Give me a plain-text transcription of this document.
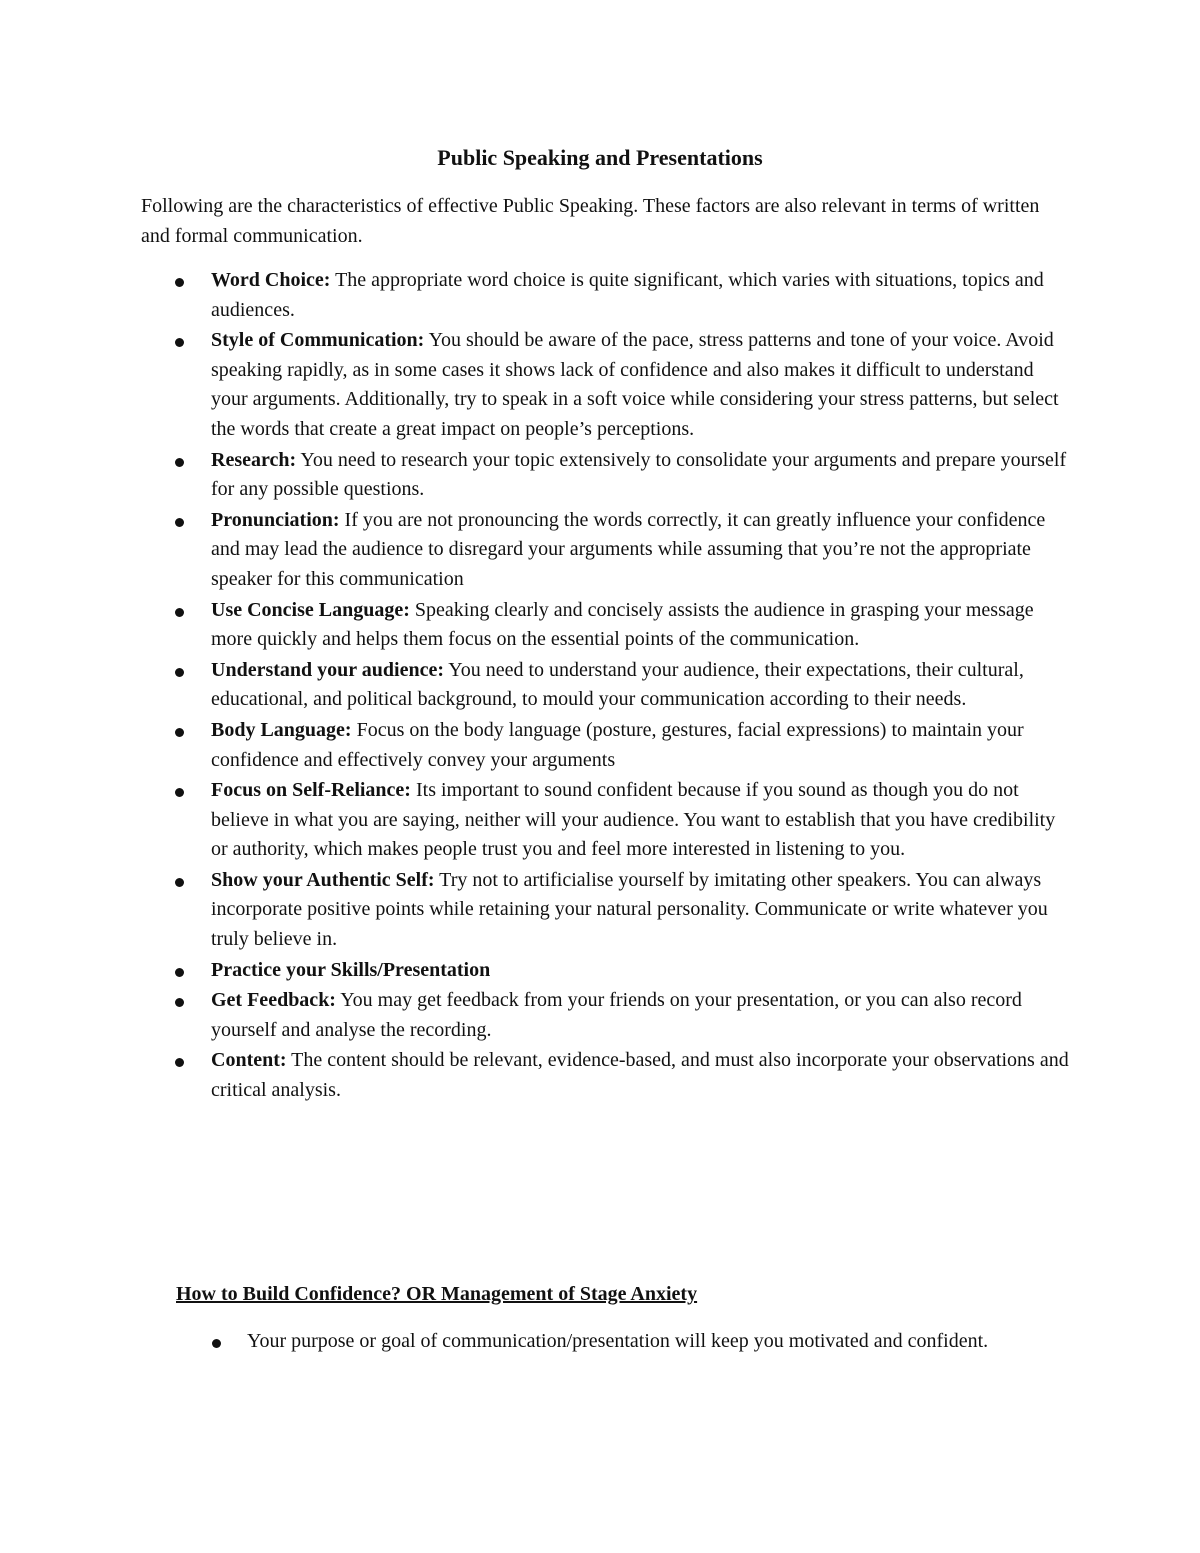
Public Speaking and Presentations

Following are the characteristics of effective Public Speaking. These factors are also relevant in terms of written and formal communication.

Word Choice: The appropriate word choice is quite significant, which varies with situations, topics and audiences.
Style of Communication: You should be aware of the pace, stress patterns and tone of your voice. Avoid speaking rapidly, as in some cases it shows lack of confidence and also makes it difficult to understand your arguments. Additionally, try to speak in a soft voice while considering your stress patterns, but select the words that create a great impact on people’s perceptions.
Research: You need to research your topic extensively to consolidate your arguments and prepare yourself for any possible questions.
Pronunciation: If you are not pronouncing the words correctly, it can greatly influence your confidence and may lead the audience to disregard your arguments while assuming that you’re not the appropriate speaker for this communication
Use Concise Language: Speaking clearly and concisely assists the audience in grasping your message more quickly and helps them focus on the essential points of the communication.
Understand your audience: You need to understand your audience, their expectations, their cultural, educational, and political background, to mould your communication according to their needs.
Body Language: Focus on the body language (posture, gestures, facial expressions) to maintain your confidence and effectively convey your arguments
Focus on Self-Reliance: Its important to sound confident because if you sound as though you do not believe in what you are saying, neither will your audience. You want to establish that you have credibility or authority, which makes people trust you and feel more interested in listening to you.
Show your Authentic Self: Try not to artificialise yourself by imitating other speakers. You can always incorporate positive points while retaining your natural personality. Communicate or write whatever you truly believe in.
Practice your Skills/Presentation
Get Feedback: You may get feedback from your friends on your presentation, or you can also record yourself and analyse the recording.
Content: The content should be relevant, evidence-based, and must also incorporate your observations and critical analysis.
How to Build Confidence? OR Management of Stage Anxiety
Your purpose or goal of communication/presentation will keep you motivated and confident.
